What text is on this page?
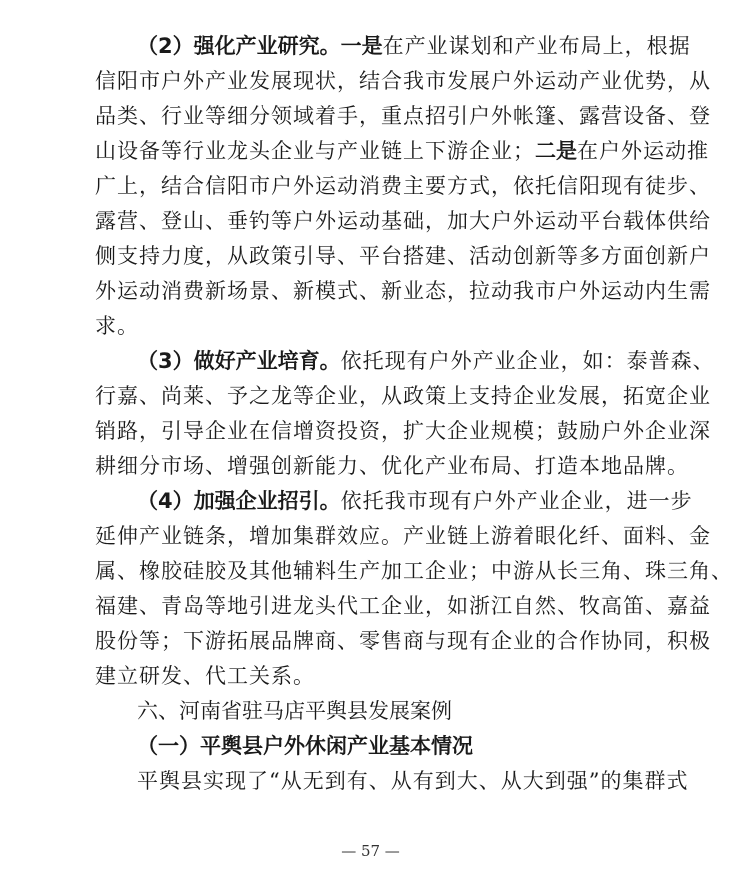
（2）强化产业研究。一是在产业谋划和产业布局上，根据
信阳市户外产业发展现状，结合我市发展户外运动产业优势，从
品类、行业等细分领域着手，重点招引户外帐篷、露营设备、登
山设备等行业龙头企业与产业链上下游企业；二是在户外运动推
广上，结合信阳市户外运动消费主要方式，依托信阳现有徒步、
露营、登山、垂钓等户外运动基础，加大户外运动平台载体供给
侧支持力度，从政策引导、平台搭建、活动创新等多方面创新户
外运动消费新场景、新模式、新业态，拉动我市户外运动内生需
求。
（3）做好产业培育。依托现有户外产业企业，如：泰普森、
行嘉、尚莱、予之龙等企业，从政策上支持企业发展，拓宽企业
销路，引导企业在信增资投资，扩大企业规模；鼓励户外企业深
耕细分市场、增强创新能力、优化产业布局、打造本地品牌。
（4）加强企业招引。依托我市现有户外产业企业，进一步
延伸产业链条，增加集群效应。产业链上游着眼化纤、面料、金
属、橡胶硅胶及其他辅料生产加工企业；中游从长三角、珠三角、
福建、青岛等地引进龙头代工企业，如浙江自然、牧高笛、嘉益
股份等；下游拓展品牌商、零售商与现有企业的合作协同，积极
建立研发、代工关系。
六、河南省驻马店平舆县发展案例
（一）平舆县户外休闲产业基本情况
平舆县实现了“从无到有、从有到大、从大到强”的集群式
— 57 —
